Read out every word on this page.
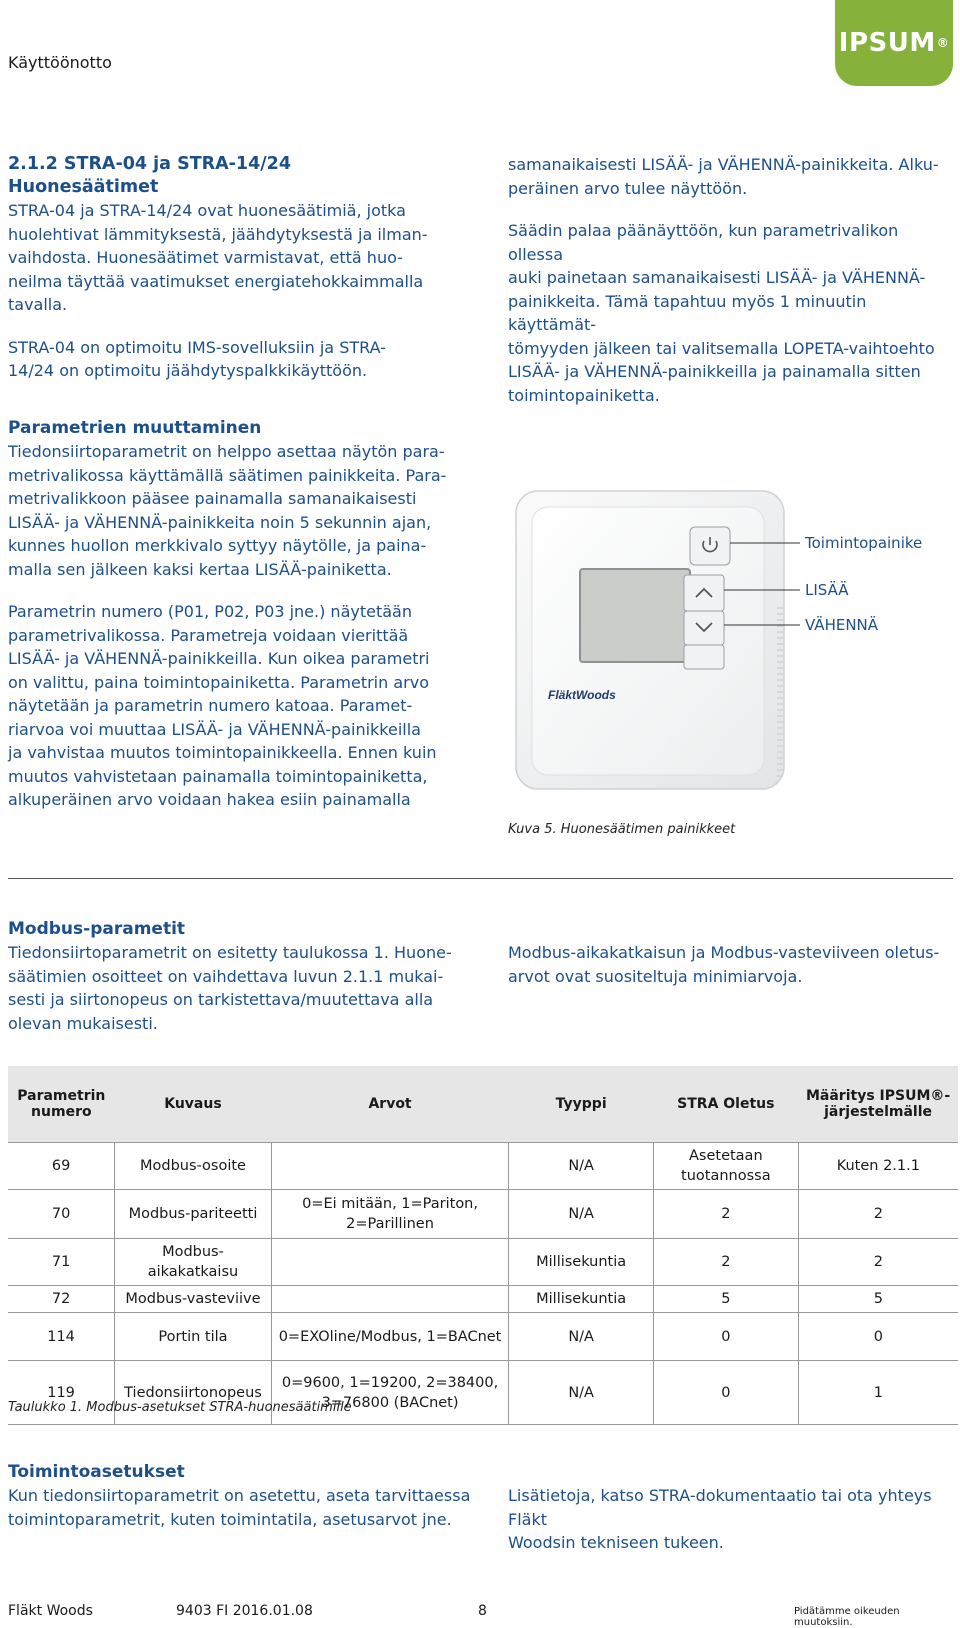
Käyttöönotto
IPSUM ®
2.1.2 STRA-04 ja STRA-14/24
Huonesäätimet
STRA-04 ja STRA-14/24 ovat huonesäätimiä, jotka
huolehtivat lämmityksestä, jäähdytyksestä ja ilman-
vaihdosta. Huonesäätimet varmistavat, että huo-
neilma täyttää vaatimukset energiatehokkaimmalla
tavalla.
STRA-04 on optimoitu IMS-sovelluksiin ja STRA-
14/24 on optimoitu jäähdytyspalkkikäyttöön.
samanaikaisesti LISÄÄ- ja VÄHENNÄ-painikkeita. Alku-
peräinen arvo tulee näyttöön.
Säädin palaa päänäyttöön, kun parametrivalikon ollessa
auki painetaan samanaikaisesti LISÄÄ- ja VÄHENNÄ-
painikkeita. Tämä tapahtuu myös 1 minuutin käyttämät-
tömyyden jälkeen tai valitsemalla LOPETA-vaihtoehto
LISÄÄ- ja VÄHENNÄ-painikkeilla ja painamalla sitten
toimintopainiketta.
Parametrien muuttaminen
Tiedonsiirtoparametrit on helppo asettaa näytön para-
metrivalikossa käyttämällä säätimen painikkeita. Para-
metrivalikkoon pääsee painamalla samanaikaisesti
LISÄÄ- ja VÄHENNÄ-painikkeita noin 5 sekunnin ajan,
kunnes huollon merkkivalo syttyy näytölle, ja paina-
malla sen jälkeen kaksi kertaa LISÄÄ-painiketta.
Parametrin numero (P01, P02, P03 jne.) näytetään
parametrivalikossa. Parametreja voidaan vierittää
LISÄÄ- ja VÄHENNÄ-painikkeilla. Kun oikea parametri
on valittu, paina toimintopainiketta. Parametrin arvo
näytetään ja parametrin numero katoaa. Paramet-
riarvoa voi muuttaa LISÄÄ- ja VÄHENNÄ-painikkeilla
ja vahvistaa muutos toimintopainikkeella. Ennen kuin
muutos vahvistetaan painamalla toimintopainiketta,
alkuperäinen arvo voidaan hakea esiin painamalla
FläktWoods
Toimintopainike
LISÄÄ
VÄHENNÄ
Kuva 5. Huonesäätimen painikkeet
Modbus-parametit
Tiedonsiirtoparametrit on esitetty taulukossa 1. Huone-
säätimien osoitteet on vaihdettava luvun 2.1.1 mukai-
sesti ja siirtonopeus on tarkistettava/muutettava alla
olevan mukaisesti.
Modbus-aikakatkaisun ja Modbus-vasteviiveen oletus-
arvot ovat suositeltuja minimiarvoja.
Parametrin numero	Kuvaus	Arvot	Tyyppi	STRA Oletus	Määritys IPSUM®-järjestelmälle
69	Modbus-osoite		N/A	Asetetaan tuotannossa	Kuten 2.1.1
70	Modbus-pariteetti	0=Ei mitään, 1=Pariton, 2=Parillinen	N/A	2	2
71	Modbus-aikakatkaisu		Millisekuntia	2	2
72	Modbus-vasteviive		Millisekuntia	5	5
114	Portin tila	0=EXOline/Modbus, 1=BACnet	N/A	0	0
119	Tiedonsiirtonopeus	0=9600, 1=19200, 2=38400, 3=76800 (BACnet)	N/A	0	1
Taulukko 1. Modbus-asetukset STRA-huonesäätimille
Toimintoasetukset
Kun tiedonsiirtoparametrit on asetettu, aseta tarvittaessa
toimintoparametrit, kuten toimintatila, asetusarvot jne.
Lisätietoja, katso STRA-dokumentaatio tai ota yhteys Fläkt
Woodsin tekniseen tukeen.
Fläkt Woods	9403 FI 2016.01.08	8	Pidätämme oikeuden muutoksiin.
